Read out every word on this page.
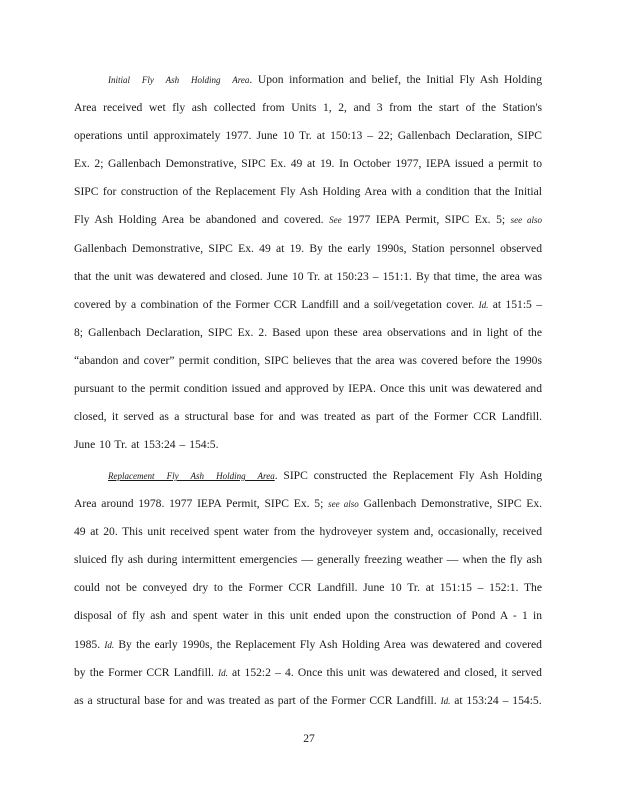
Initial Fly Ash Holding Area. Upon information and belief, the Initial Fly Ash Holding Area received wet fly ash collected from Units 1, 2, and 3 from the start of the Station's operations until approximately 1977. June 10 Tr. at 150:13 – 22; Gallenbach Declaration, SIPC Ex. 2; Gallenbach Demonstrative, SIPC Ex. 49 at 19. In October 1977, IEPA issued a permit to SIPC for construction of the Replacement Fly Ash Holding Area with a condition that the Initial Fly Ash Holding Area be abandoned and covered. See 1977 IEPA Permit, SIPC Ex. 5; see also Gallenbach Demonstrative, SIPC Ex. 49 at 19. By the early 1990s, Station personnel observed that the unit was dewatered and closed. June 10 Tr. at 150:23 – 151:1. By that time, the area was covered by a combination of the Former CCR Landfill and a soil/vegetation cover. Id. at 151:5 – 8; Gallenbach Declaration, SIPC Ex. 2. Based upon these area observations and in light of the “abandon and cover” permit condition, SIPC believes that the area was covered before the 1990s pursuant to the permit condition issued and approved by IEPA. Once this unit was dewatered and closed, it served as a structural base for and was treated as part of the Former CCR Landfill. June 10 Tr. at 153:24 – 154:5.

Replacement Fly Ash Holding Area. SIPC constructed the Replacement Fly Ash Holding Area around 1978. 1977 IEPA Permit, SIPC Ex. 5; see also Gallenbach Demonstrative, SIPC Ex. 49 at 20. This unit received spent water from the hydroveyer system and, occasionally, received sluiced fly ash during intermittent emergencies — generally freezing weather — when the fly ash could not be conveyed dry to the Former CCR Landfill. June 10 Tr. at 151:15 – 152:1. The disposal of fly ash and spent water in this unit ended upon the construction of Pond A - 1 in 1985. Id. By the early 1990s, the Replacement Fly Ash Holding Area was dewatered and covered by the Former CCR Landfill. Id. at 152:2 – 4. Once this unit was dewatered and closed, it served as a structural base for and was treated as part of the Former CCR Landfill. Id. at 153:24 – 154:5.

27
